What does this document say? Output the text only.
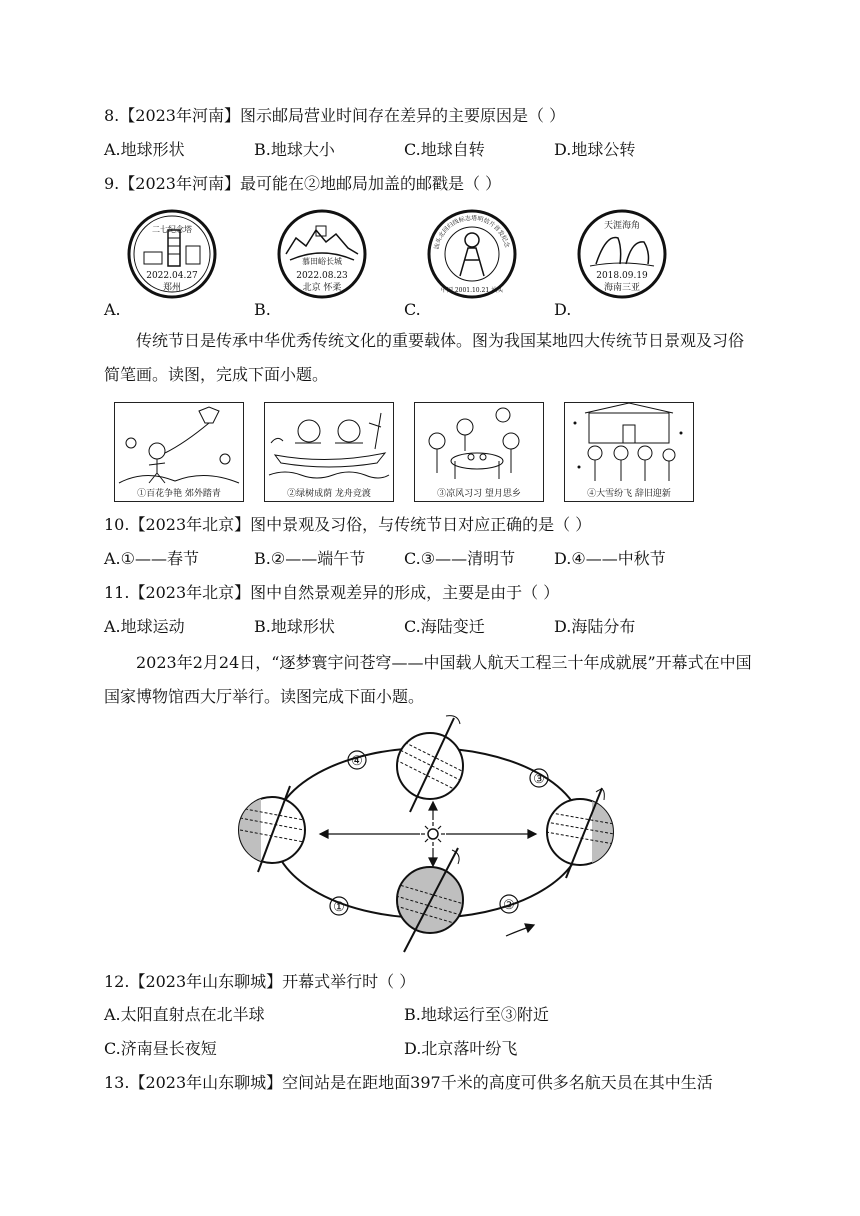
8.【2023年河南】图示邮局营业时间存在差异的主要原因是（ ）
A.地球形状	B.地球大小	C.地球自转	D.地球公转
9.【2023年河南】最可能在②地邮局加盖的邮戳是（ ）
A.
二七纪念塔
2022.04.27
郑州
B.
慕田峪长城
2022.08.23
北京 怀柔
C.
汕头北回归线标志塔明信片首发纪念
中国 2001.10.21 汕头
D.
天涯海角
2018.09.19
海南三亚
传统节日是传承中华优秀传统文化的重要载体。图为我国某地四大传统节日景观及习俗简笔画。读图，完成下面小题。
①百花争艳 郊外踏青	②绿树成荫 龙舟竞渡	③凉风习习 望月思乡	④大雪纷飞 辞旧迎新
10.【2023年北京】图中景观及习俗，与传统节日对应正确的是（ ）
A.①——春节	B.②——端午节 C.③——清明节 D.④——中秋节
11.【2023年北京】图中自然景观差异的形成，主要是由于（ ）
A.地球运动	B.地球形状	C.海陆变迁	D.海陆分布
2023年2月24日，“逐梦寰宇问苍穹——中国载人航天工程三十年成就展”开幕式在中国国家博物馆西大厅举行。读图完成下面小题。
①	②
③
④
12.【2023年山东聊城】开幕式举行时（ ）
A.太阳直射点在北半球	B.地球运行至③附近
C.济南昼长夜短	D.北京落叶纷飞
13.【2023年山东聊城】空间站是在距地面397千米的高度可供多名航天员在其中生活
